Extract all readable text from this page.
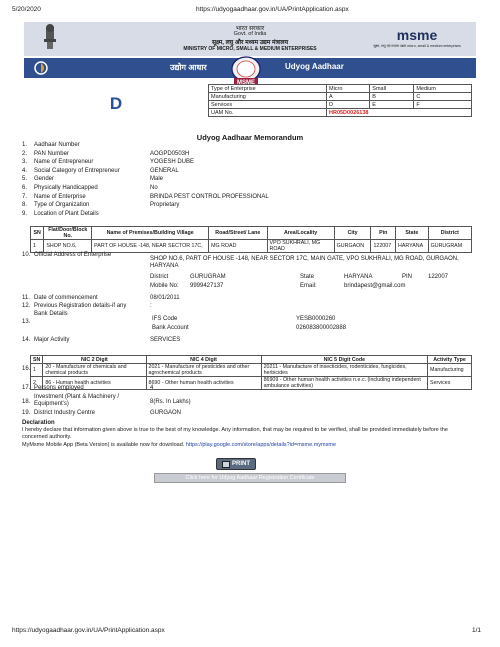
5/20/2020	https://udyogaadhaar.gov.in/UA/PrintApplication.aspx
भारत सरकार
Govt. of India
सूक्ष्म, लघु और मध्यम उद्यम मंत्रालय
MINISTRY OF MICRO, SMALL & MEDIUM ENTERPRISES
msme
सूक्ष्म, लघु एवं मध्यम उद्यम micro, small & medium enterprises
उद्योग आधार	Udyog Aadhaar
MSME
D
Type of Enterprise	Micro	Small	Medium
Manufacturing	A	B	C
Services	D	E	F
UAM No.	HR05D0026138		
Udyog Aadhaar Memorandum
1. Aadhaar Number
2. PAN Number	AOGPD0503H
3. Name of Entrepreneur	YOGESH DUBE
4. Social Category of Entrepreneur	GENERAL
5. Gender	Male
6. Physically Handicapped	No
7. Name of Enterprise	BRINDA PEST CONTROL PROFESSIONAL
8. Type of Organization	Proprietary
9. Location of Plant Details
SN	Flat/Door/Block No.	Name of Premises/Building Village	Road/Street/ Lane	Area/Locality	City	Pin	State	District
1	SHOP NO.6,	PART OF HOUSE -148, NEAR SECTOR 17C,	MG ROAD	VPO SUKHRALI, MG ROAD	GURGAON	122007	HARYANA	GURUGRAM
10. Official Address of Enterprise
SHOP NO.6, PART OF HOUSE -148, NEAR SECTOR 17C, MAIN GATE, VPO SUKHRALI, MG ROAD, GURGAON, HARYANA
District	GURUGRAM	State	HARYANA	PIN	122007
Mobile No: 9999427137	Email:	brindapest@gmail.com
11. Date of commencement	08/01/2011
12. Previous Registration details-if any	:
13.
Bank Details
IFS Code	YESB0000260
Bank Account	026083800002888
14. Major Activity	SERVICES
16.
SN	NIC 2 Digit	NIC 4 Digit	NIC 5 Digit Code	Activity Type
1	20 - Manufacture of chemicals and chemical products	2021 - Manufacture of pesticides and other agrochemical products	20211 - Manufacture of insecticides, rodenticides, fungicides, herbicides	Manufacturing
2	86 - Human health activities	8690 - Other human health activities	86909 - Other human health activities n.e.c. (including independent ambulance activities)	Services
17. Persons employed	4
18.
Investment (Plant & Machinery / Equipment's)	8(Rs. In Lakhs)
19. District Industry Centre	GURGAON
Declaration
I hereby declare that information given above is true to the best of my knowledge. Any information, that may be required to be verified, shall be provided immediately before the concerned authority.
MyMsme Mobile App (Beta Version) is available now for download. https://play.google.com/store/apps/details?id=msme.mymsme
PRINT
Click here for Udyog Aadhaar Registration Certificate
https://udyogaadhaar.gov.in/UA/PrintApplication.aspx	1/1
